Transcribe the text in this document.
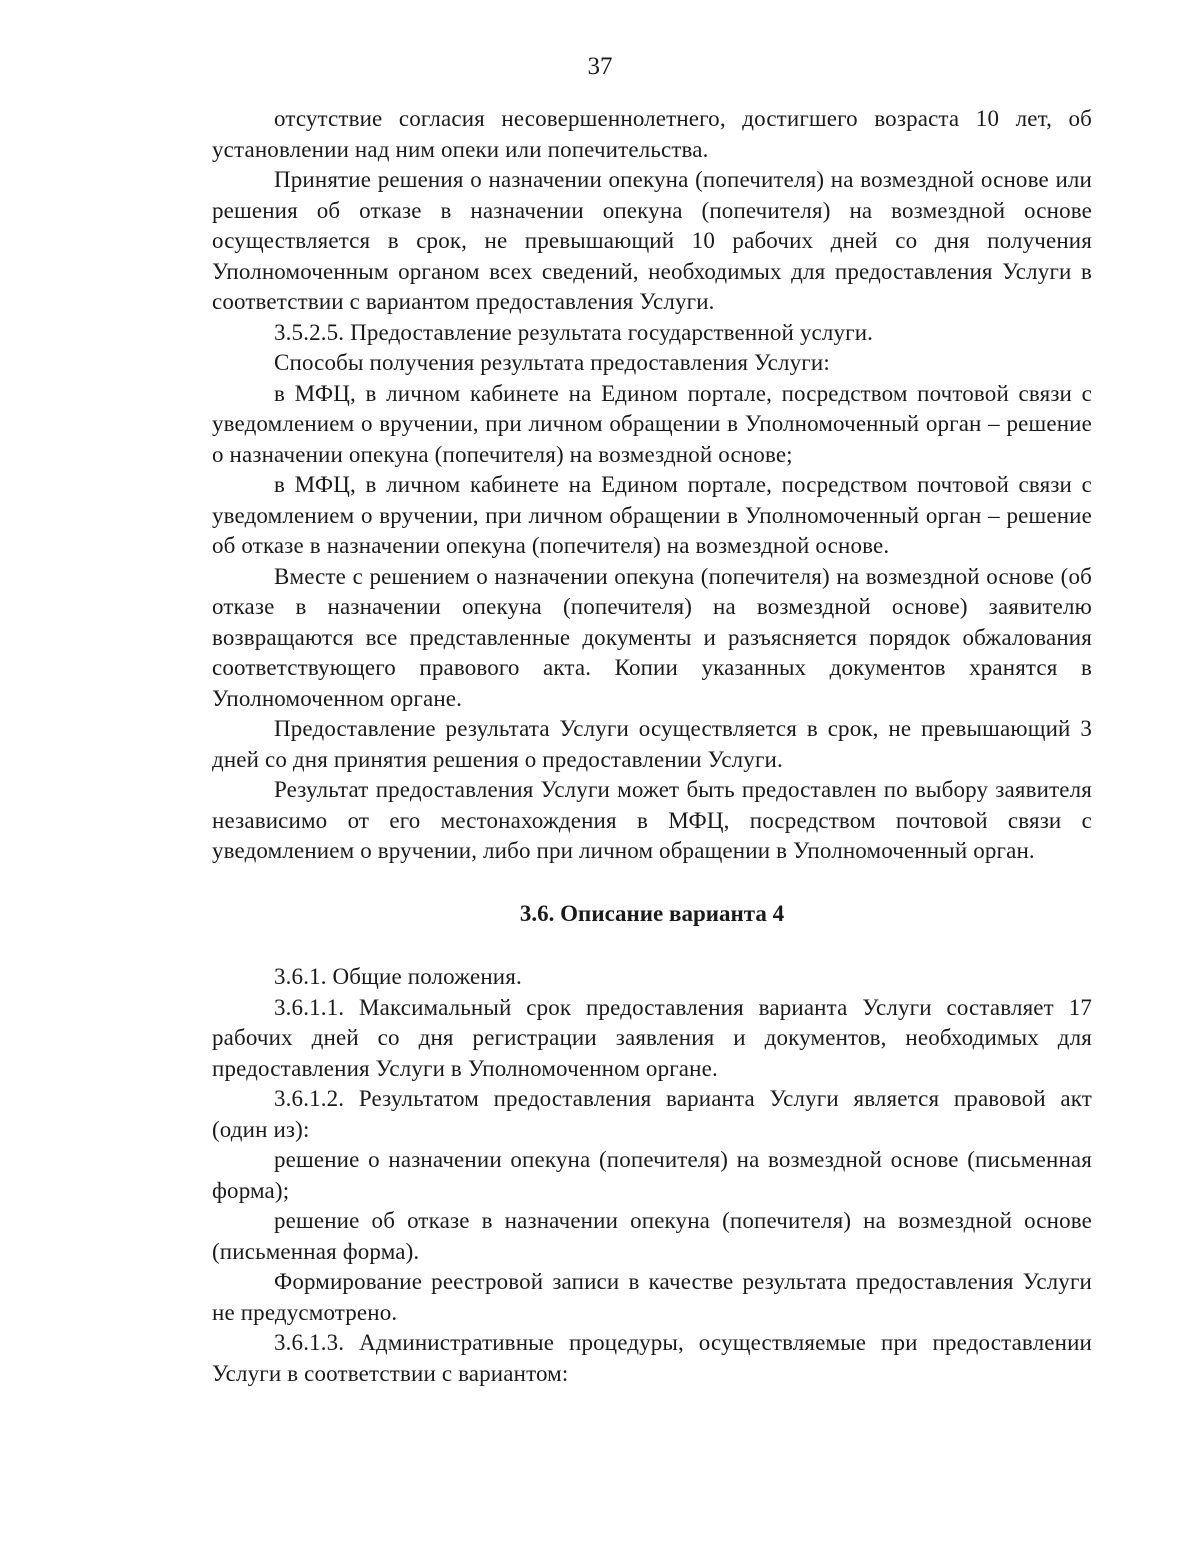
37

отсутствие согласия несовершеннолетнего, достигшего возраста 10 лет, об установлении над ним опеки или попечительства.

Принятие решения о назначении опекуна (попечителя) на возмездной основе или решения об отказе в назначении опекуна (попечителя) на возмездной основе осуществляется в срок, не превышающий 10 рабочих дней со дня получения Уполномоченным органом всех сведений, необходимых для предоставления Услуги в соответствии с вариантом предоставления Услуги.

3.5.2.5. Предоставление результата государственной услуги.

Способы получения результата предоставления Услуги:

в МФЦ, в личном кабинете на Едином портале, посредством почтовой связи с уведомлением о вручении, при личном обращении в Уполномоченный орган – решение о назначении опекуна (попечителя) на возмездной основе;

в МФЦ, в личном кабинете на Едином портале, посредством почтовой связи с уведомлением о вручении, при личном обращении в Уполномоченный орган – решение об отказе в назначении опекуна (попечителя) на возмездной основе.

Вместе с решением о назначении опекуна (попечителя) на возмездной основе (об отказе в назначении опекуна (попечителя) на возмездной основе) заявителю возвращаются все представленные документы и разъясняется порядок обжалования соответствующего правового акта. Копии указанных документов хранятся в Уполномоченном органе.

Предоставление результата Услуги осуществляется в срок, не превышающий 3 дней со дня принятия решения о предоставлении Услуги.

Результат предоставления Услуги может быть предоставлен по выбору заявителя независимо от его местонахождения в МФЦ, посредством почтовой связи с уведомлением о вручении, либо при личном обращении в Уполномоченный орган.

3.6. Описание варианта 4

3.6.1. Общие положения.

3.6.1.1. Максимальный срок предоставления варианта Услуги составляет 17 рабочих дней со дня регистрации заявления и документов, необходимых для предоставления Услуги в Уполномоченном органе.

3.6.1.2. Результатом предоставления варианта Услуги является правовой акт (один из):

решение о назначении опекуна (попечителя) на возмездной основе (письменная форма);

решение об отказе в назначении опекуна (попечителя) на возмездной основе (письменная форма).

Формирование реестровой записи в качестве результата предоставления Услуги не предусмотрено.

3.6.1.3. Административные процедуры, осуществляемые при предоставлении Услуги в соответствии с вариантом:
